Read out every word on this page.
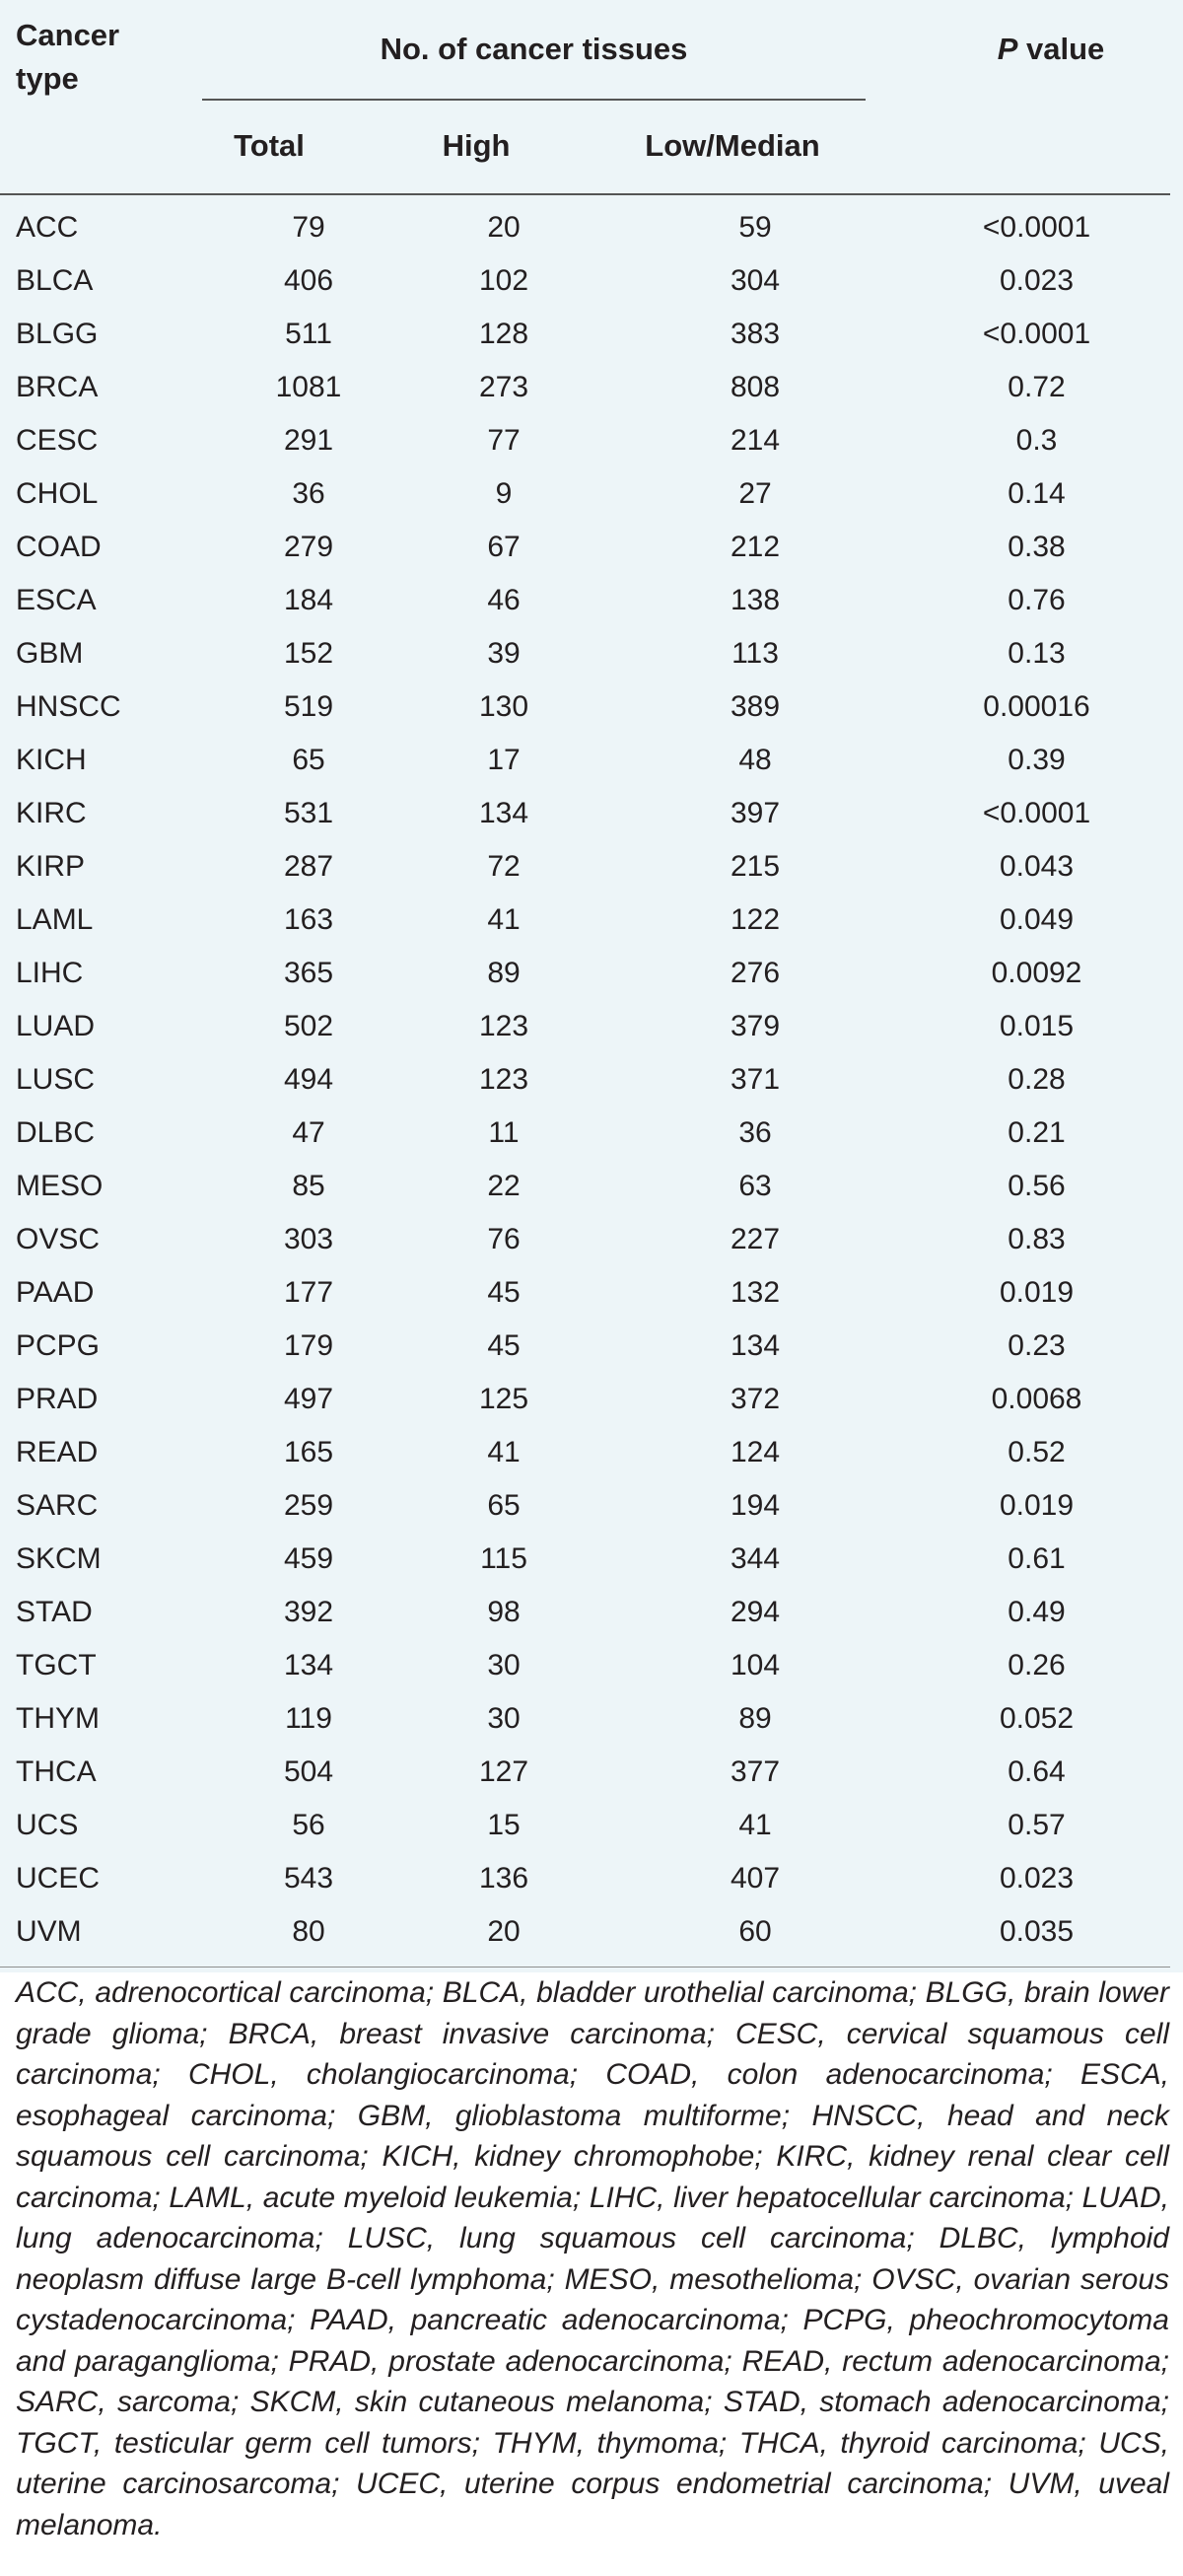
Cancer
type
No. of cancer tissues	P value
Total	High	Low/Median
ACC	79	20	59	<0.0001
BLCA	406	102	304	0.023
BLGG	511	128	383	<0.0001
BRCA	1081	273	808	0.72
CESC	291	77	214	0.3
CHOL	36	9	27	0.14
COAD	279	67	212	0.38
ESCA	184	46	138	0.76
GBM	152	39	113	0.13
HNSCC	519	130	389	0.00016
KICH	65	17	48	0.39
KIRC	531	134	397	<0.0001
KIRP	287	72	215	0.043
LAML	163	41	122	0.049
LIHC	365	89	276	0.0092
LUAD	502	123	379	0.015
LUSC	494	123	371	0.28
DLBC	47	11	36	0.21
MESO	85	22	63	0.56
OVSC	303	76	227	0.83
PAAD	177	45	132	0.019
PCPG	179	45	134	0.23
PRAD	497	125	372	0.0068
READ	165	41	124	0.52
SARC	259	65	194	0.019
SKCM	459	115	344	0.61
STAD	392	98	294	0.49
TGCT	134	30	104	0.26
THYM	119	30	89	0.052
THCA	504	127	377	0.64
UCS	56	15	41	0.57
UCEC	543	136	407	0.023
UVM	80	20	60	0.035

ACC, adrenocortical carcinoma; BLCA, bladder urothelial carcinoma; BLGG, brain lower grade glioma; BRCA, breast invasive carcinoma; CESC, cervical squamous cell carcinoma; CHOL, cholangiocarcinoma; COAD, colon adenocarcinoma; ESCA, esophageal carcinoma; GBM, glioblastoma multiforme; HNSCC, head and neck squamous cell carcinoma; KICH, kidney chromophobe; KIRC, kidney renal clear cell carcinoma; LAML, acute myeloid leukemia; LIHC, liver hepatocellular carcinoma; LUAD, lung adenocarcinoma; LUSC, lung squamous cell carcinoma; DLBC, lymphoid neoplasm diffuse large B-cell lymphoma; MESO, mesothelioma; OVSC, ovarian serous cystadenocarcinoma; PAAD, pancreatic adenocarcinoma; PCPG, pheochromocytoma and paraganglioma; PRAD, prostate adenocarcinoma; READ, rectum adenocarcinoma; SARC, sarcoma; SKCM, skin cutaneous melanoma; STAD, stomach adenocarcinoma; TGCT, testicular germ cell tumors; THYM, thymoma; THCA, thyroid carcinoma; UCS, uterine carcinosarcoma; UCEC, uterine corpus endometrial carcinoma; UVM, uveal melanoma.
